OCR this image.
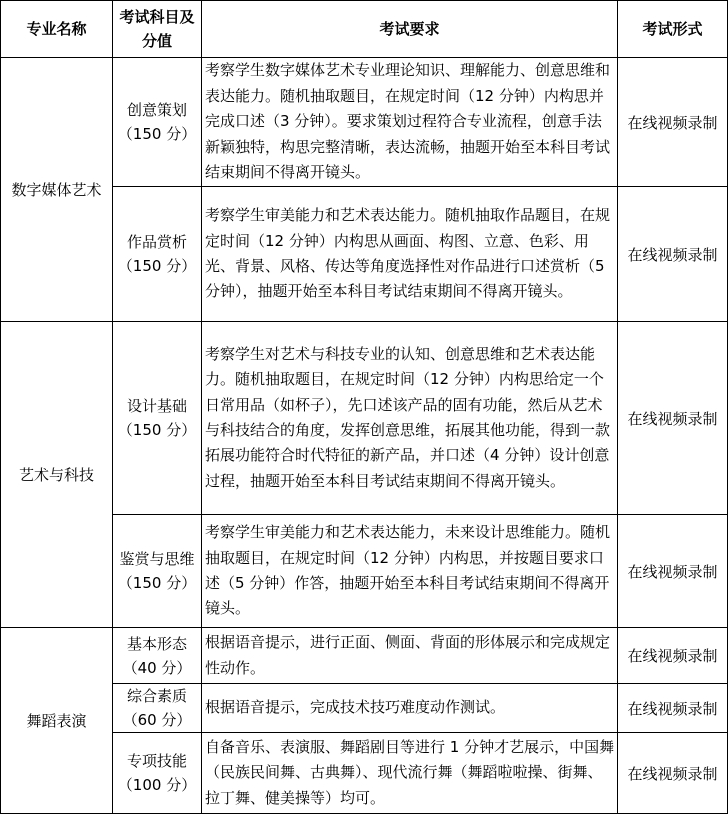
专业名称
考试科目及
分值
考试要求	考试形式
数字媒体艺术
艺术与科技
舞蹈表演
创意策划
（150 分）
考察学生数字媒体艺术专业理论知识、理解能力、创意思维和表达能力。随机抽取题目，在规定时间（12 分钟）内构思并完成口述（3 分钟）。要求策划过程符合专业流程，创意手法新颖独特，构思完整清晰，表达流畅，抽题开始至本科目考试结束期间不得离开镜头。
在线视频录制
作品赏析
（150 分）
考察学生审美能力和艺术表达能力。随机抽取作品题目，在规定时间（12 分钟）内构思从画面、构图、立意、色彩、用光、背景、风格、传达等角度选择性对作品进行口述赏析（5 分钟），抽题开始至本科目考试结束期间不得离开镜头。
在线视频录制
设计基础
（150 分）
考察学生对艺术与科技专业的认知、创意思维和艺术表达能力。随机抽取题目，在规定时间（12 分钟）内构思给定一个日常用品（如杯子），先口述该产品的固有功能，然后从艺术与科技结合的角度，发挥创意思维，拓展其他功能，得到一款拓展功能符合时代特征的新产品，并口述（4 分钟）设计创意过程，抽题开始至本科目考试结束期间不得离开镜头。
在线视频录制
鉴赏与思维
（150 分）
考察学生审美能力和艺术表达能力，未来设计思维能力。随机抽取题目，在规定时间（12 分钟）内构思，并按题目要求口述（5 分钟）作答，抽题开始至本科目考试结束期间不得离开镜头。
在线视频录制
基本形态
（40 分）
根据语音提示，进行正面、侧面、背面的形体展示和完成规定性动作。
在线视频录制
综合素质
（60 分）
根据语音提示，完成技术技巧难度动作测试。	在线视频录制
专项技能
（100 分）
自备音乐、表演服、舞蹈剧目等进行 1 分钟才艺展示，中国舞（民族民间舞、古典舞）、现代流行舞（舞蹈啦啦操、街舞、拉丁舞、健美操等）均可。
在线视频录制
